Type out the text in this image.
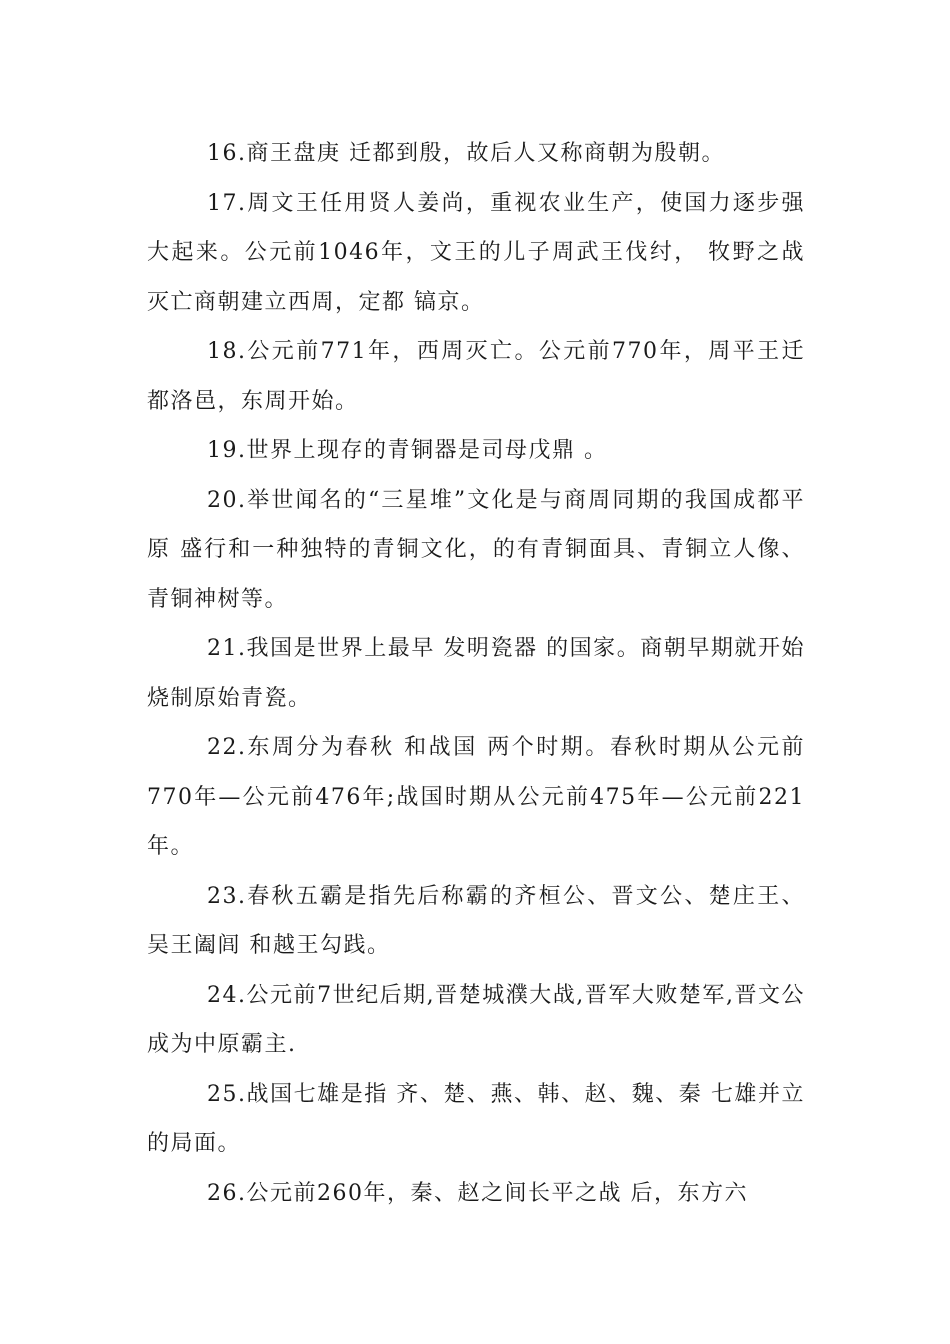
16.商王盘庚 迁都到殷，故后人又称商朝为殷朝。

17.周文王任用贤人姜尚，重视农业生产，使国力逐步强大起来。公元前1046年，文王的儿子周武王伐纣， 牧野之战 灭亡商朝建立西周，定都 镐京。

18.公元前771年，西周灭亡。公元前770年，周平王迁都洛邑，东周开始。

19.世界上现存的青铜器是司母戊鼎 。

20.举世闻名的“三星堆”文化是与商周同期的我国成都平原 盛行和一种独特的青铜文化，的有青铜面具、青铜立人像、青铜神树等。

21.我国是世界上最早 发明瓷器 的国家。商朝早期就开始烧制原始青瓷。

22.东周分为春秋 和战国 两个时期。春秋时期从公元前770年—公元前476年;战国时期从公元前475年—公元前221年。

23.春秋五霸是指先后称霸的齐桓公、晋文公、楚庄王、吴王阖闾 和越王勾践。

24.公元前7世纪后期,晋楚城濮大战,晋军大败楚军,晋文公成为中原霸主.

25.战国七雄是指 齐、楚、燕、韩、赵、魏、秦 七雄并立的局面。

26.公元前260年，秦、赵之间长平之战 后，东方六
